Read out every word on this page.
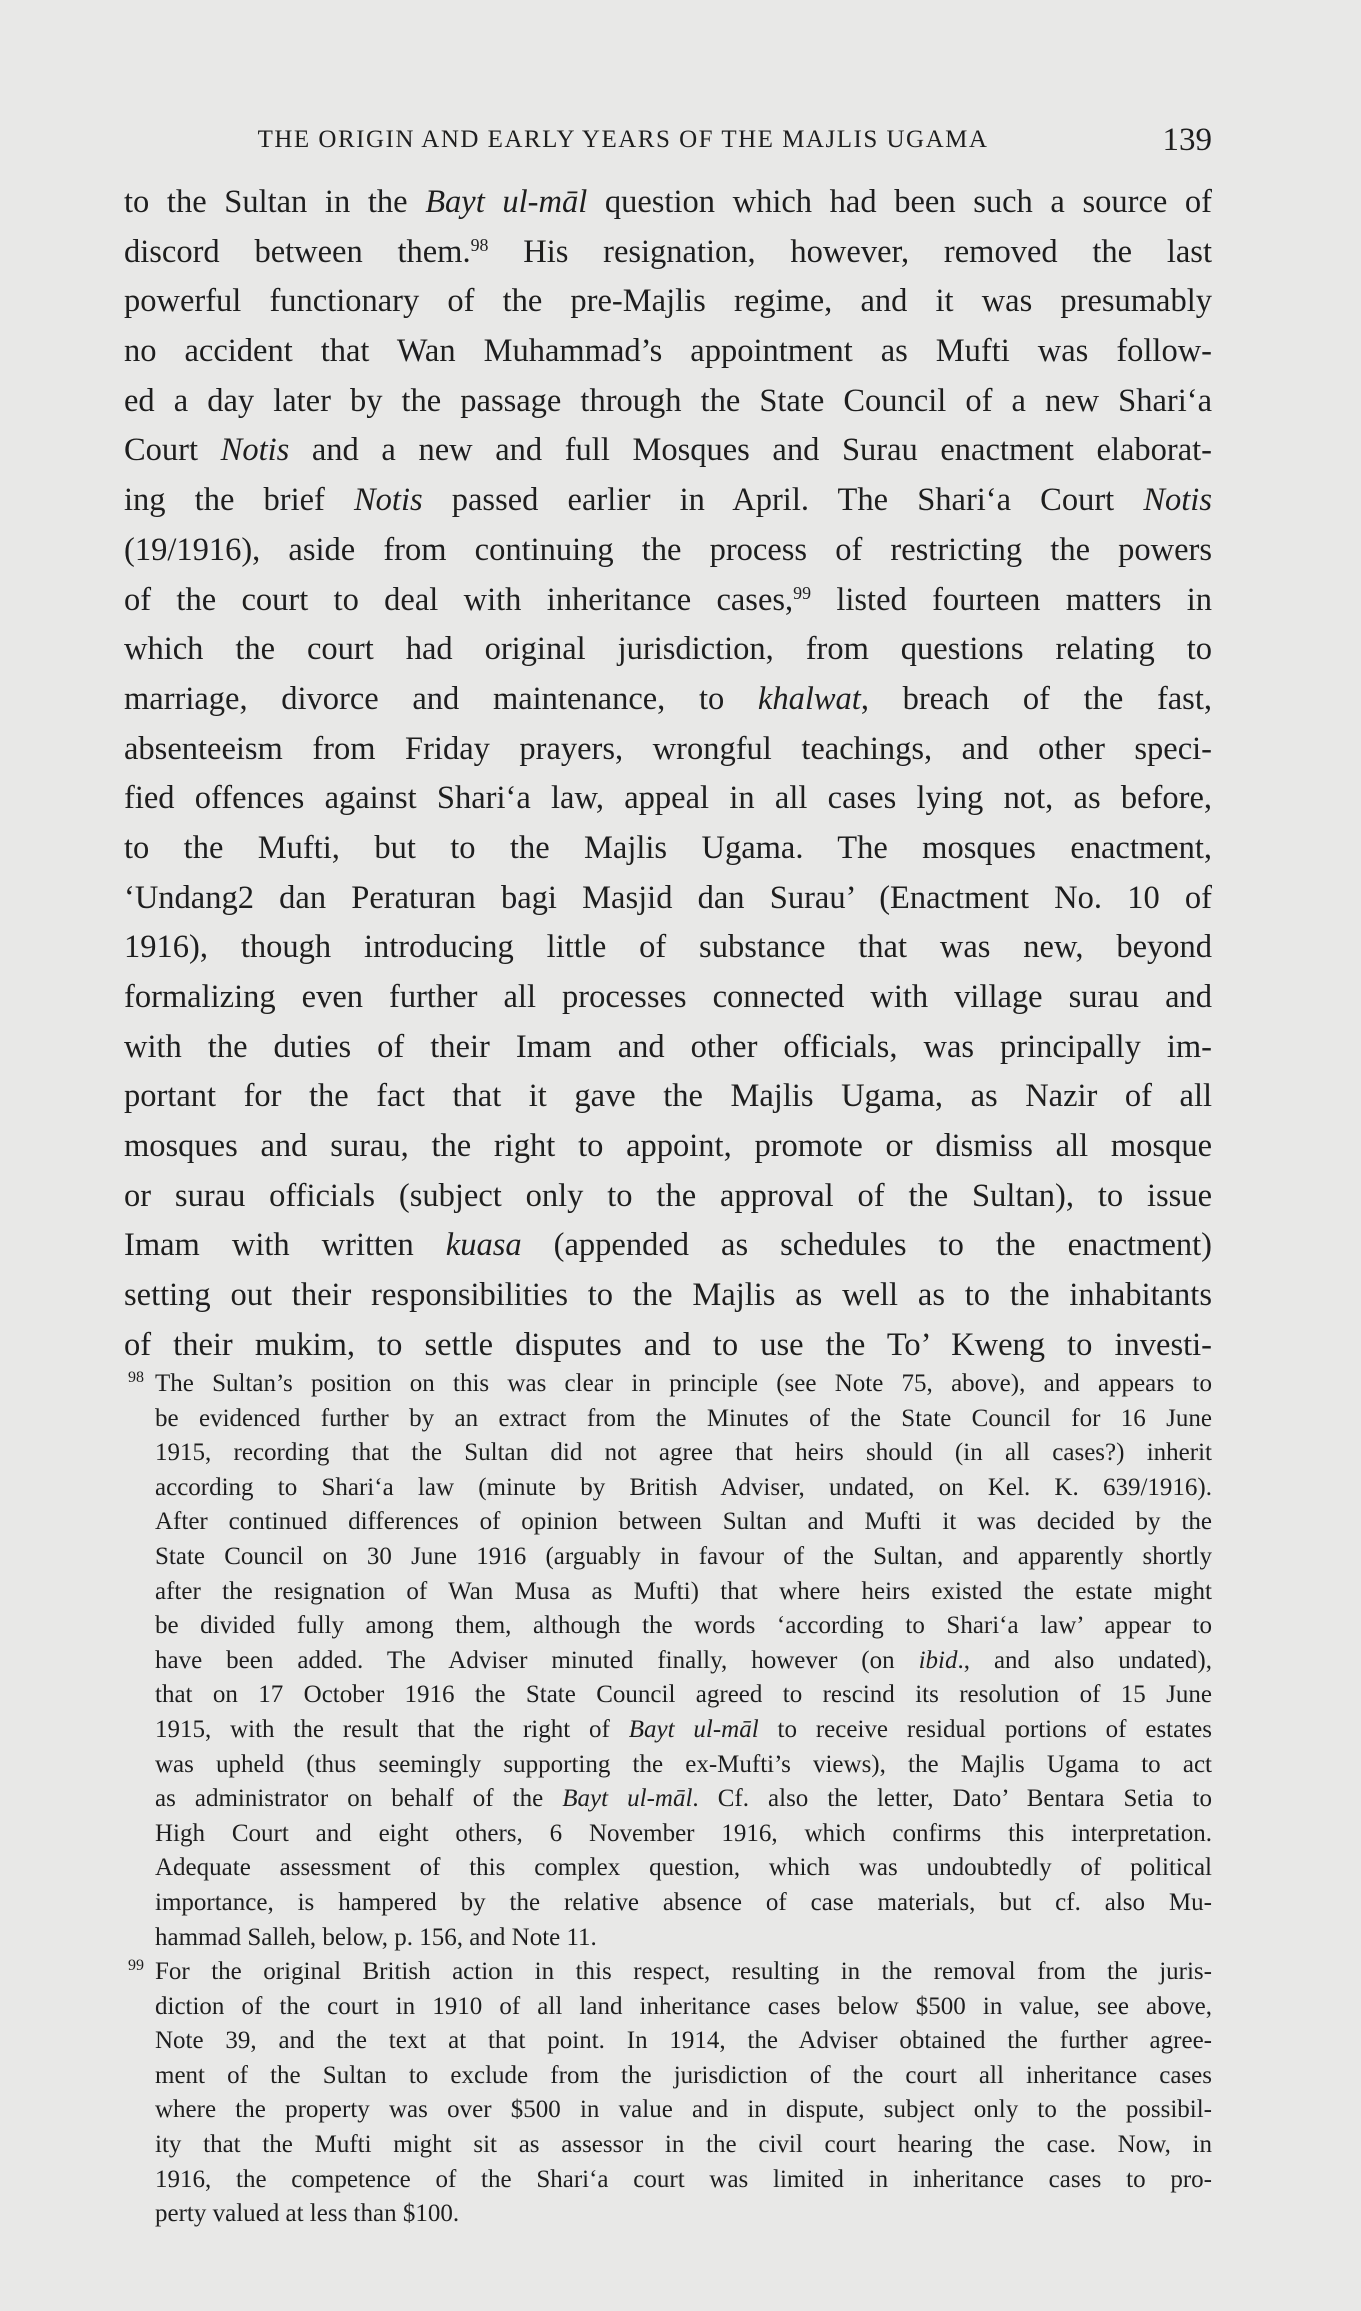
THE ORIGIN AND EARLY YEARS OF THE MAJLIS UGAMA	139
to the Sultan in the Bayt ul-māl question which had been such a source of
discord between them.$^{98}$ His resignation, however, removed the last
powerful functionary of the pre-Majlis regime, and it was presumably
no accident that Wan Muhammad’s appointment as Mufti was follow-
ed a day later by the passage through the State Council of a new Shari‘a
Court Notis and a new and full Mosques and Surau enactment elaborat-
ing the brief Notis passed earlier in April. The Shari‘a Court Notis
(19/1916), aside from continuing the process of restricting the powers
of the court to deal with inheritance cases,$^{99}$ listed fourteen matters in
which the court had original jurisdiction, from questions relating to
marriage, divorce and maintenance, to khalwat, breach of the fast,
absenteeism from Friday prayers, wrongful teachings, and other speci-
fied offences against Shari‘a law, appeal in all cases lying not, as before,
to the Mufti, but to the Majlis Ugama. The mosques enactment,
‘Undang2 dan Peraturan bagi Masjid dan Surau’ (Enactment No. 10 of
1916), though introducing little of substance that was new, beyond
formalizing even further all processes connected with village surau and
with the duties of their Imam and other officials, was principally im-
portant for the fact that it gave the Majlis Ugama, as Nazir of all
mosques and surau, the right to appoint, promote or dismiss all mosque
or surau officials (subject only to the approval of the Sultan), to issue
Imam with written kuasa (appended as schedules to the enactment)
setting out their responsibilities to the Majlis as well as to the inhabitants
of their mukim, to settle disputes and to use the To’ Kweng to investi-
98 The Sultan’s position on this was clear in principle (see Note 75, above), and appears to
be evidenced further by an extract from the Minutes of the State Council for 16 June
1915, recording that the Sultan did not agree that heirs should (in all cases?) inherit
according to Shari‘a law (minute by British Adviser, undated, on Kel. K. 639/1916).
After continued differences of opinion between Sultan and Mufti it was decided by the
State Council on 30 June 1916 (arguably in favour of the Sultan, and apparently shortly
after the resignation of Wan Musa as Mufti) that where heirs existed the estate might
be divided fully among them, although the words ‘according to Shari‘a law’ appear to
have been added. The Adviser minuted finally, however (on ibid., and also undated),
that on 17 October 1916 the State Council agreed to rescind its resolution of 15 June
1915, with the result that the right of Bayt ul-māl to receive residual portions of estates
was upheld (thus seemingly supporting the ex-Mufti’s views), the Majlis Ugama to act
as administrator on behalf of the Bayt ul-māl. Cf. also the letter, Dato’ Bentara Setia to
High Court and eight others, 6 November 1916, which confirms this interpretation.
Adequate assessment of this complex question, which was undoubtedly of political
importance, is hampered by the relative absence of case materials, but cf. also Mu-
hammad Salleh, below, p. 156, and Note 11.
99 For the original British action in this respect, resulting in the removal from the juris-
diction of the court in 1910 of all land inheritance cases below $500 in value, see above,
Note 39, and the text at that point. In 1914, the Adviser obtained the further agree-
ment of the Sultan to exclude from the jurisdiction of the court all inheritance cases
where the property was over $500 in value and in dispute, subject only to the possibil-
ity that the Mufti might sit as assessor in the civil court hearing the case. Now, in
1916, the competence of the Shari‘a court was limited in inheritance cases to pro-
perty valued at less than $100.
